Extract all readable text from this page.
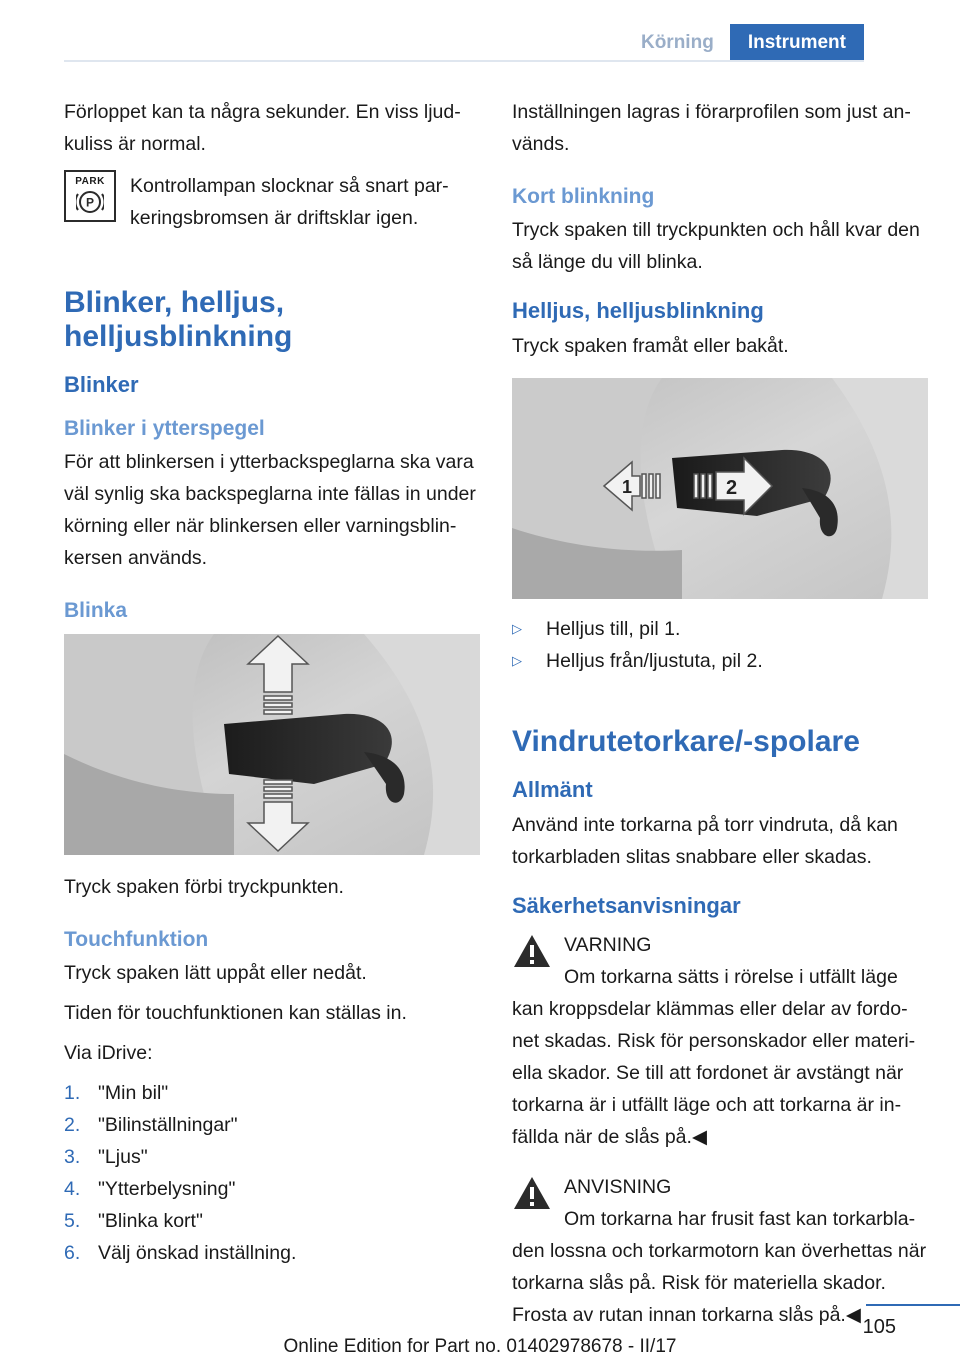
Körning	Instrument

Förloppet kan ta några sekunder. En viss ljud-kuliss är normal.

PARK
P

Kontrollampan slocknar så snart par-keringsbromsen är driftsklar igen.

Blinker, helljus, helljusblinkning
Blinker
Blinker i ytterspegel

För att blinkersen i ytterbackspeglarna ska vara väl synlig ska backspeglarna inte fällas in under körning eller när blinkersen eller varningsblin-kersen används.

Blinka

Tryck spaken förbi tryckpunkten.

Touchfunktion

Tryck spaken lätt uppåt eller nedåt.

Tiden för touchfunktionen kan ställas in.

Via iDrive:

1. "Min bil"
2. "Bilinställningar"
3. "Ljus"
4. "Ytterbelysning"
5. "Blinka kort"
6. Välj önskad inställning.

Inställningen lagras i förarprofilen som just an-vänds.

Kort blinkning

Tryck spaken till tryckpunkten och håll kvar den så länge du vill blinka.

Helljus, helljusblinkning

Tryck spaken framåt eller bakåt.

1	2
▷	Helljus till, pil 1.
▷	Helljus från/ljustuta, pil 2.
Vindrutetorkare/-spolare
Allmänt

Använd inte torkarna på torr vindruta, då kan torkarbladen slitas snabbare eller skadas.

Säkerhetsanvisningar

VARNING

Om torkarna sätts i rörelse i utfällt läge

kan kroppsdelar klämmas eller delar av fordo-net skadas. Risk för personskador eller materi-ella skador. Se till att fordonet är avstängt när torkarna är i utfällt läge och att torkarna är in-fällda när de slås på.◀

ANVISNING

Om torkarna har frusit fast kan torkarbla-

den lossna och torkarmotorn kan överhettas när torkarna slås på. Risk för materiella skador. Frosta av rutan innan torkarna slås på.◀

105
Online Edition for Part no. 01402978678 - II/17
